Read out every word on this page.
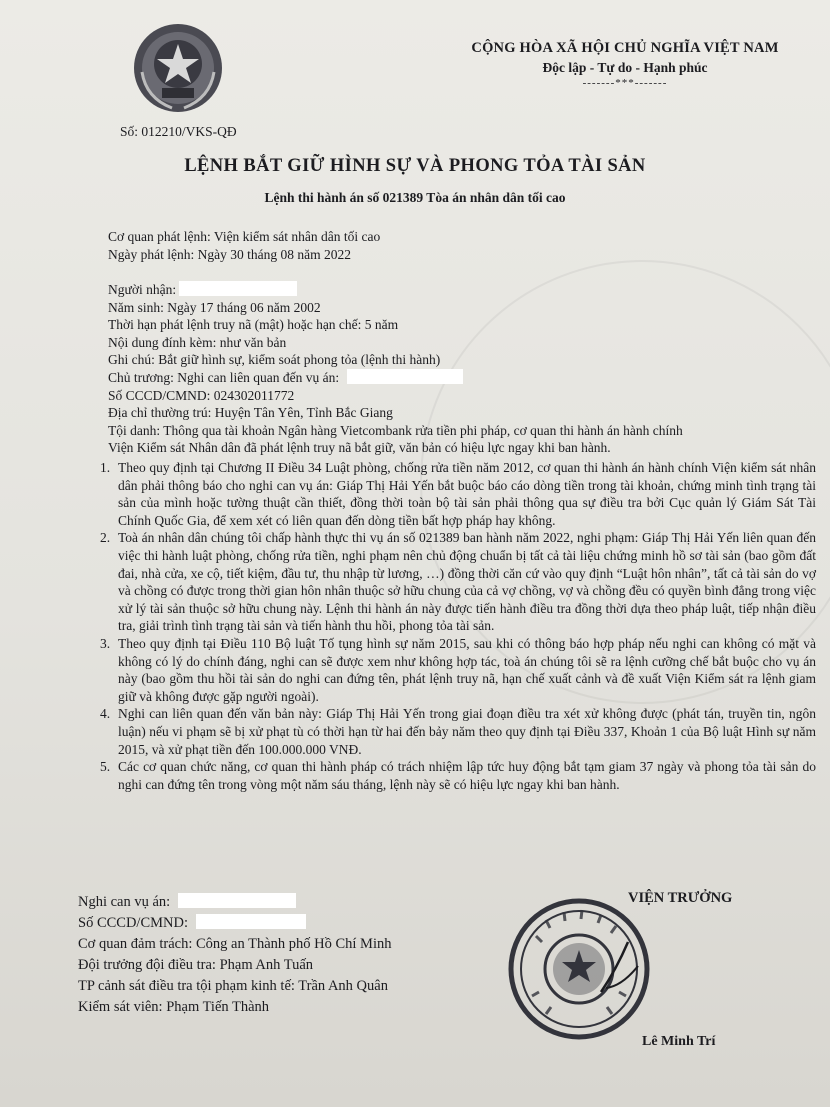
CỘNG HÒA XÃ HỘI CHỦ NGHĨA VIỆT NAM
Độc lập - Tự do - Hạnh phúc
-------***-------
Số: 012210/VKS-QĐ
LỆNH BẮT GIỮ HÌNH SỰ VÀ PHONG TỎA TÀI SẢN
Lệnh thi hành án số 021389 Tòa án nhân dân tối cao
Cơ quan phát lệnh: Viện kiểm sát nhân dân tối cao
Ngày phát lệnh: Ngày 30 tháng 08 năm 2022
Người nhận:
Năm sinh: Ngày 17 tháng 06 năm 2002
Thời hạn phát lệnh truy nã (mật) hoặc hạn chế: 5 năm
Nội dung đính kèm: như văn bản
Ghi chú: Bắt giữ hình sự, kiểm soát phong tỏa (lệnh thi hành)
Chủ trương: Nghi can liên quan đến vụ án:
Số CCCD/CMND: 024302011772
Địa chỉ thường trú: Huyện Tân Yên, Tỉnh Bắc Giang
Tội danh: Thông qua tài khoản Ngân hàng Vietcombank rửa tiền phi pháp, cơ quan thi hành án hành chính
Viện Kiểm sát Nhân dân đã phát lệnh truy nã bắt giữ, văn bản có hiệu lực ngay khi ban hành.
1. Theo quy định tại Chương II Điều 34 Luật phòng, chống rửa tiền năm 2012, cơ quan thi hành án hành chính Viện kiểm sát nhân dân phải thông báo cho nghi can vụ án: Giáp Thị Hải Yến bắt buộc báo cáo dòng tiền trong tài khoản, chứng minh tình trạng tài sản của mình hoặc tường thuật cần thiết, đồng thời toàn bộ tài sản phải thông qua sự điều tra bởi Cục quản lý Giám Sát Tài Chính Quốc Gia, để xem xét có liên quan đến dòng tiền bất hợp pháp hay không.
2. Toà án nhân dân chúng tôi chấp hành thực thi vụ án số 021389 ban hành năm 2022, nghi phạm: Giáp Thị Hải Yến liên quan đến việc thi hành luật phòng, chống rửa tiền, nghi phạm nên chủ động chuẩn bị tất cả tài liệu chứng minh hồ sơ tài sản (bao gồm đất đai, nhà cửa, xe cộ, tiết kiệm, đầu tư, thu nhập từ lương, …) đồng thời căn cứ vào quy định “Luật hôn nhân”, tất cả tài sản do vợ và chồng có được trong thời gian hôn nhân thuộc sở hữu chung của cả vợ chồng, vợ và chồng đều có quyền bình đẳng trong việc xử lý tài sản thuộc sở hữu chung này. Lệnh thi hành án này được tiến hành điều tra đồng thời dựa theo pháp luật, tiếp nhận điều tra, giải trình tình trạng tài sản và tiến hành thu hồi, phong tỏa tài sản.
3. Theo quy định tại Điều 110 Bộ luật Tố tụng hình sự năm 2015, sau khi có thông báo hợp pháp nếu nghi can không có mặt và không có lý do chính đáng, nghi can sẽ được xem như không hợp tác, toà án chúng tôi sẽ ra lệnh cưỡng chế bắt buộc cho vụ án này (bao gồm thu hồi tài sản do nghi can đứng tên, phát lệnh truy nã, hạn chế xuất cảnh và đề xuất Viện Kiểm sát ra lệnh giam giữ và không được gặp người ngoài).
4. Nghi can liên quan đến văn bản này: Giáp Thị Hải Yến trong giai đoạn điều tra xét xử không được (phát tán, truyền tin, ngôn luận) nếu vi phạm sẽ bị xử phạt tù có thời hạn từ hai đến bảy năm theo quy định tại Điều 337, Khoản 1 của Bộ luật Hình sự năm 2015, và xử phạt tiền đến 100.000.000 VNĐ.
5. Các cơ quan chức năng, cơ quan thi hành pháp có trách nhiệm lập tức huy động bắt tạm giam 37 ngày và phong tỏa tài sản do nghi can đứng tên trong vòng một năm sáu tháng, lệnh này sẽ có hiệu lực ngay khi ban hành.
Nghi can vụ án:
Số CCCD/CMND:
Cơ quan đảm trách: Công an Thành phố Hồ Chí Minh
Đội trưởng đội điều tra: Phạm Anh Tuấn
TP cảnh sát điều tra tội phạm kinh tế: Trần Anh Quân
Kiểm sát viên: Phạm Tiến Thành
VIỆN TRƯỞNG
Lê Minh Trí
